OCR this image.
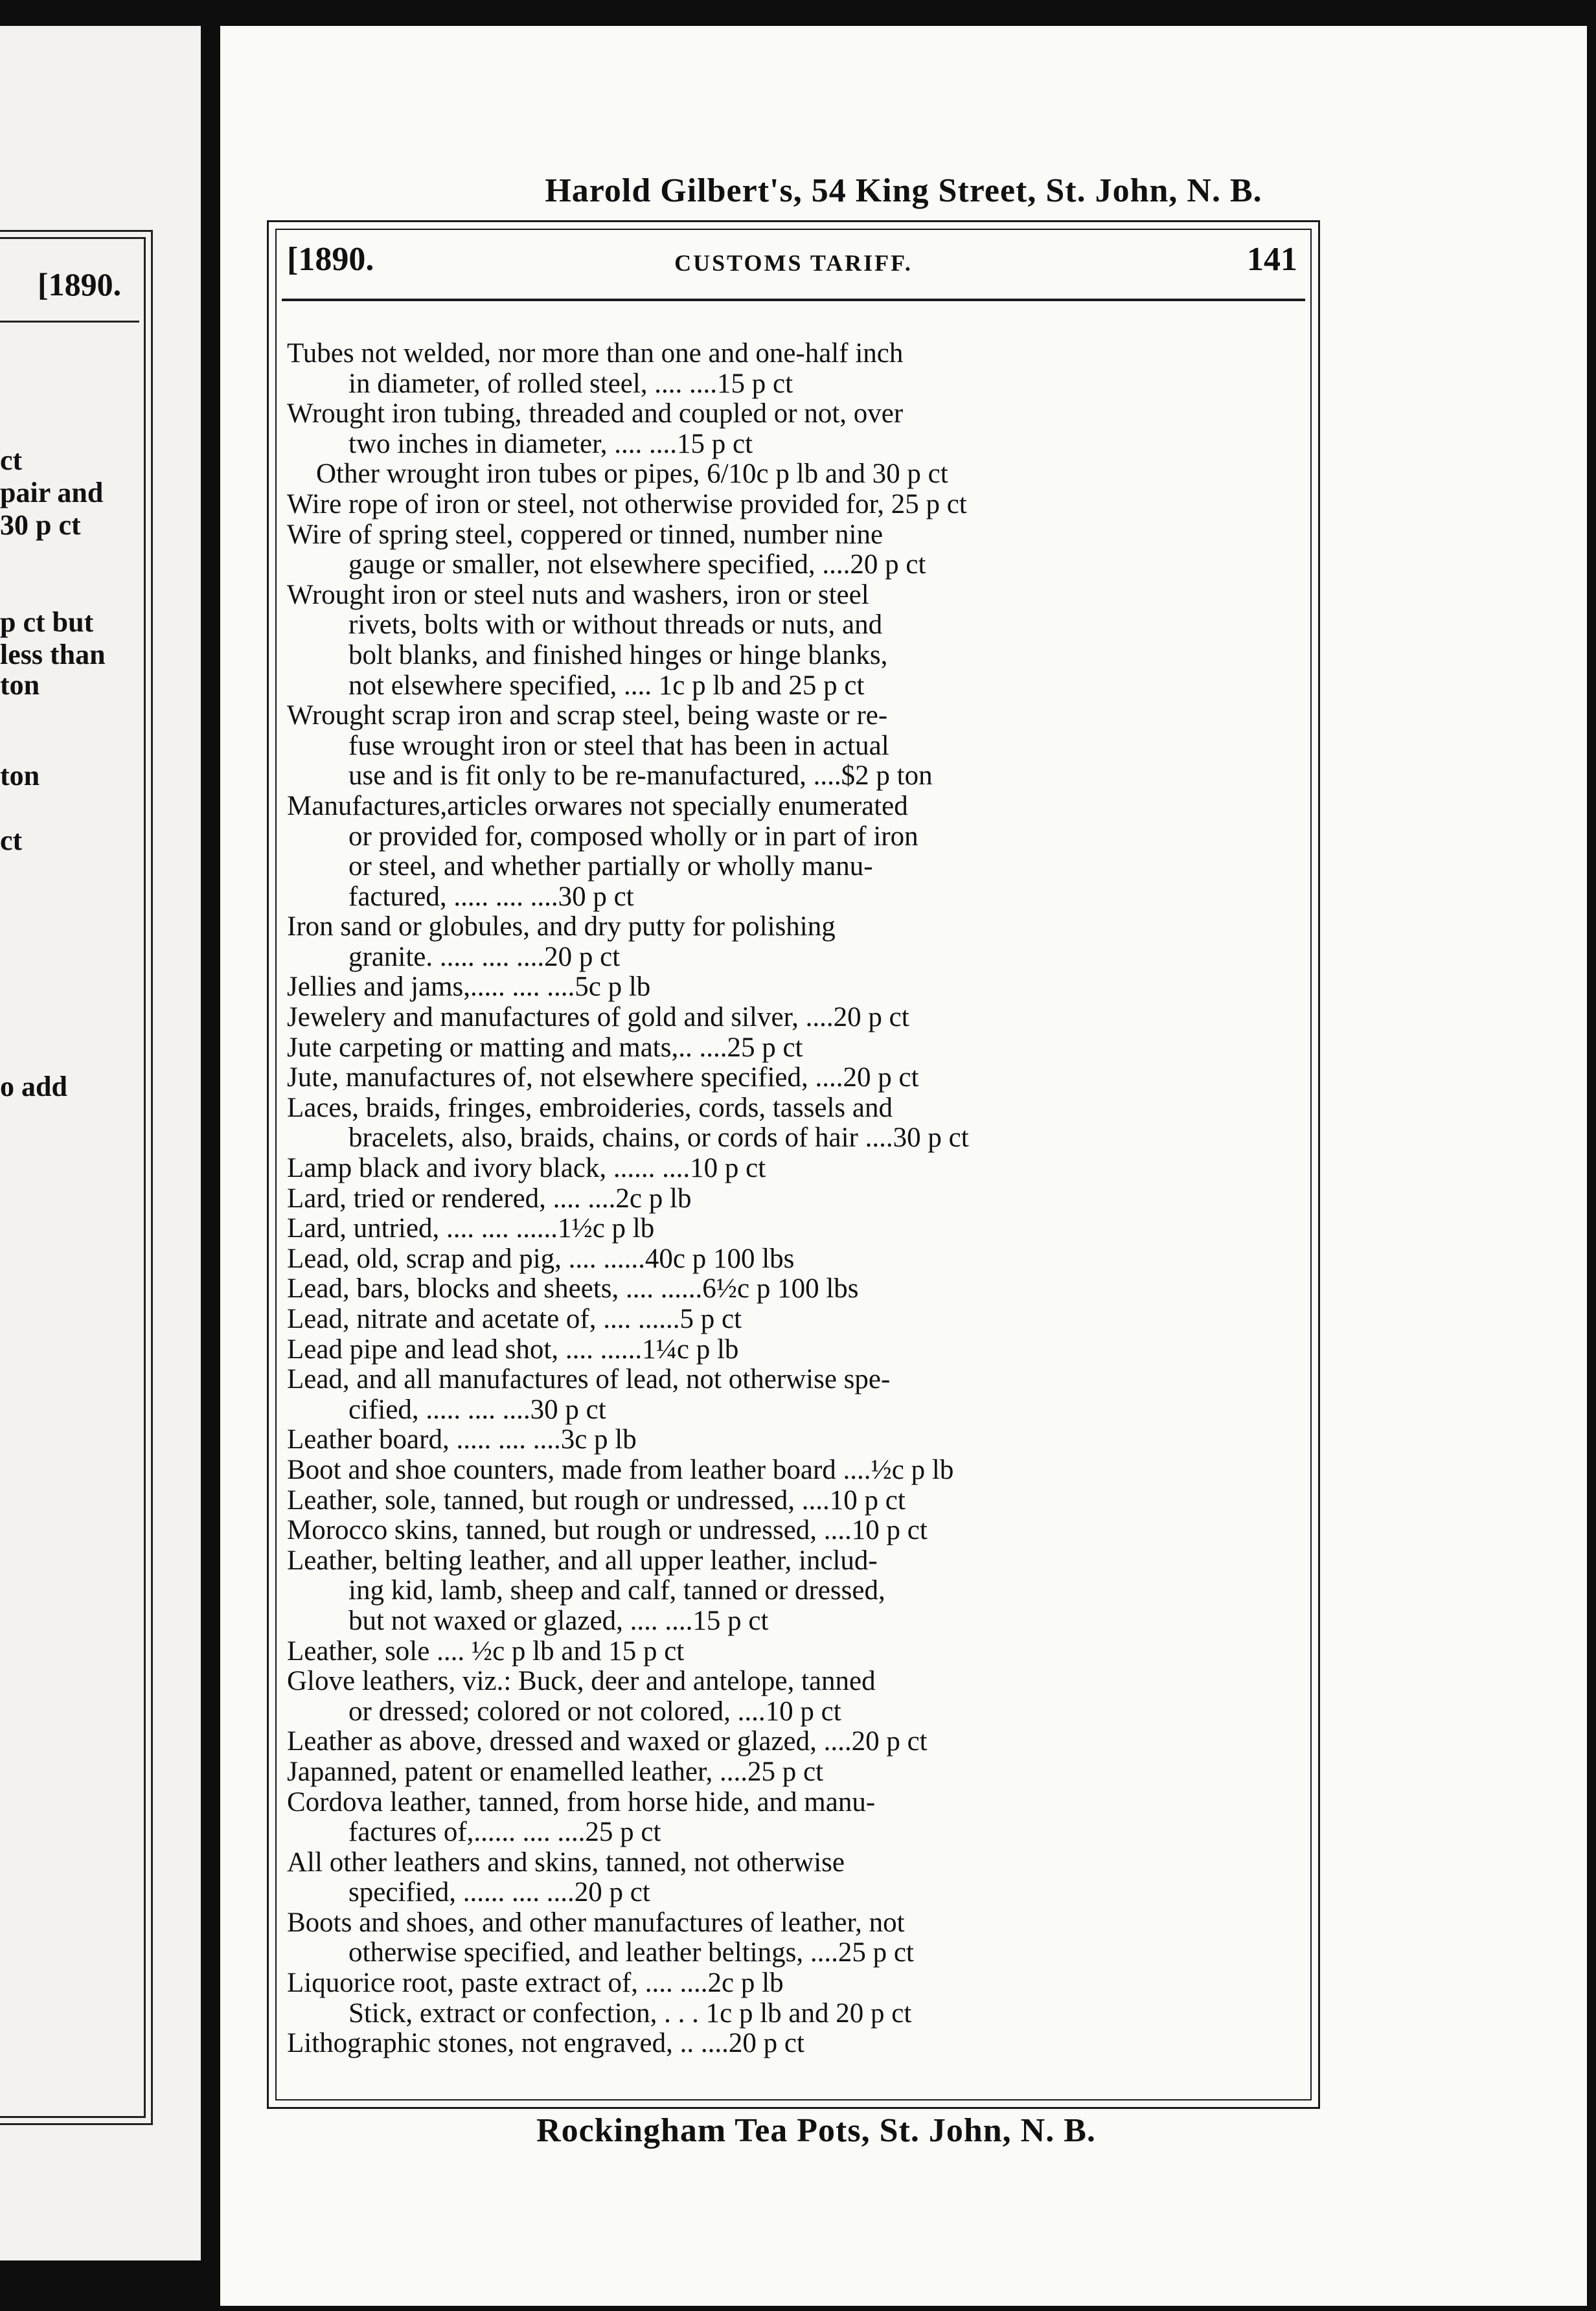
[1890.
ct
pair and
30 p ct
p ct but
less than
ton
ton
ct
o add
Harold Gilbert's, 54 King Street, St. John, N. B.
[1890.	CUSTOMS TARIFF.	141
Tubes not welded, nor more than one and one-half inch
in diameter, of rolled steel, .... ....15 p ct
Wrought iron tubing, threaded and coupled or not, over
two inches in diameter, .... ....15 p ct
Other wrought iron tubes or pipes, 6/10c p lb and 30 p ct
Wire rope of iron or steel, not otherwise provided for, 25 p ct
Wire of spring steel, coppered or tinned, number nine
gauge or smaller, not elsewhere specified, ....20 p ct
Wrought iron or steel nuts and washers, iron or steel
rivets, bolts with or without threads or nuts, and
bolt blanks, and finished hinges or hinge blanks,
not elsewhere specified, .... 1c p lb and 25 p ct
Wrought scrap iron and scrap steel, being waste or re-
fuse wrought iron or steel that has been in actual
use and is fit only to be re-manufactured, ....$2 p ton
Manufactures,articles orwares not specially enumerated
or provided for, composed wholly or in part of iron
or steel, and whether partially or wholly manu-
factured, ..... .... ....30 p ct
Iron sand or globules, and dry putty for polishing
granite. ..... .... ....20 p ct
Jellies and jams,..... .... ....5c p lb
Jewelery and manufactures of gold and silver, ....20 p ct
Jute carpeting or matting and mats,.. ....25 p ct
Jute, manufactures of, not elsewhere specified, ....20 p ct
Laces, braids, fringes, embroideries, cords, tassels and
bracelets, also, braids, chains, or cords of hair ....30 p ct
Lamp black and ivory black, ...... ....10 p ct
Lard, tried or rendered, .... ....2c p lb
Lard, untried, .... .... ......1½c p lb
Lead, old, scrap and pig, .... ......40c p 100 lbs
Lead, bars, blocks and sheets, .... ......6½c p 100 lbs
Lead, nitrate and acetate of, .... ......5 p ct
Lead pipe and lead shot, .... ......1¼c p lb
Lead, and all manufactures of lead, not otherwise spe-
cified, ..... .... ....30 p ct
Leather board, ..... .... ....3c p lb
Boot and shoe counters, made from leather board ....½c p lb
Leather, sole, tanned, but rough or undressed, ....10 p ct
Morocco skins, tanned, but rough or undressed, ....10 p ct
Leather, belting leather, and all upper leather, includ-
ing kid, lamb, sheep and calf, tanned or dressed,
but not waxed or glazed, .... ....15 p ct
Leather, sole .... ½c p lb and 15 p ct
Glove leathers, viz.: Buck, deer and antelope, tanned
or dressed; colored or not colored, ....10 p ct
Leather as above, dressed and waxed or glazed, ....20 p ct
Japanned, patent or enamelled leather, ....25 p ct
Cordova leather, tanned, from horse hide, and manu-
factures of,...... .... ....25 p ct
All other leathers and skins, tanned, not otherwise
specified, ...... .... ....20 p ct
Boots and shoes, and other manufactures of leather, not
otherwise specified, and leather beltings, ....25 p ct
Liquorice root, paste extract of, .... ....2c p lb
Stick, extract or confection, . . . 1c p lb and 20 p ct
Lithographic stones, not engraved, .. ....20 p ct
Rockingham Tea Pots, St. John, N. B.
